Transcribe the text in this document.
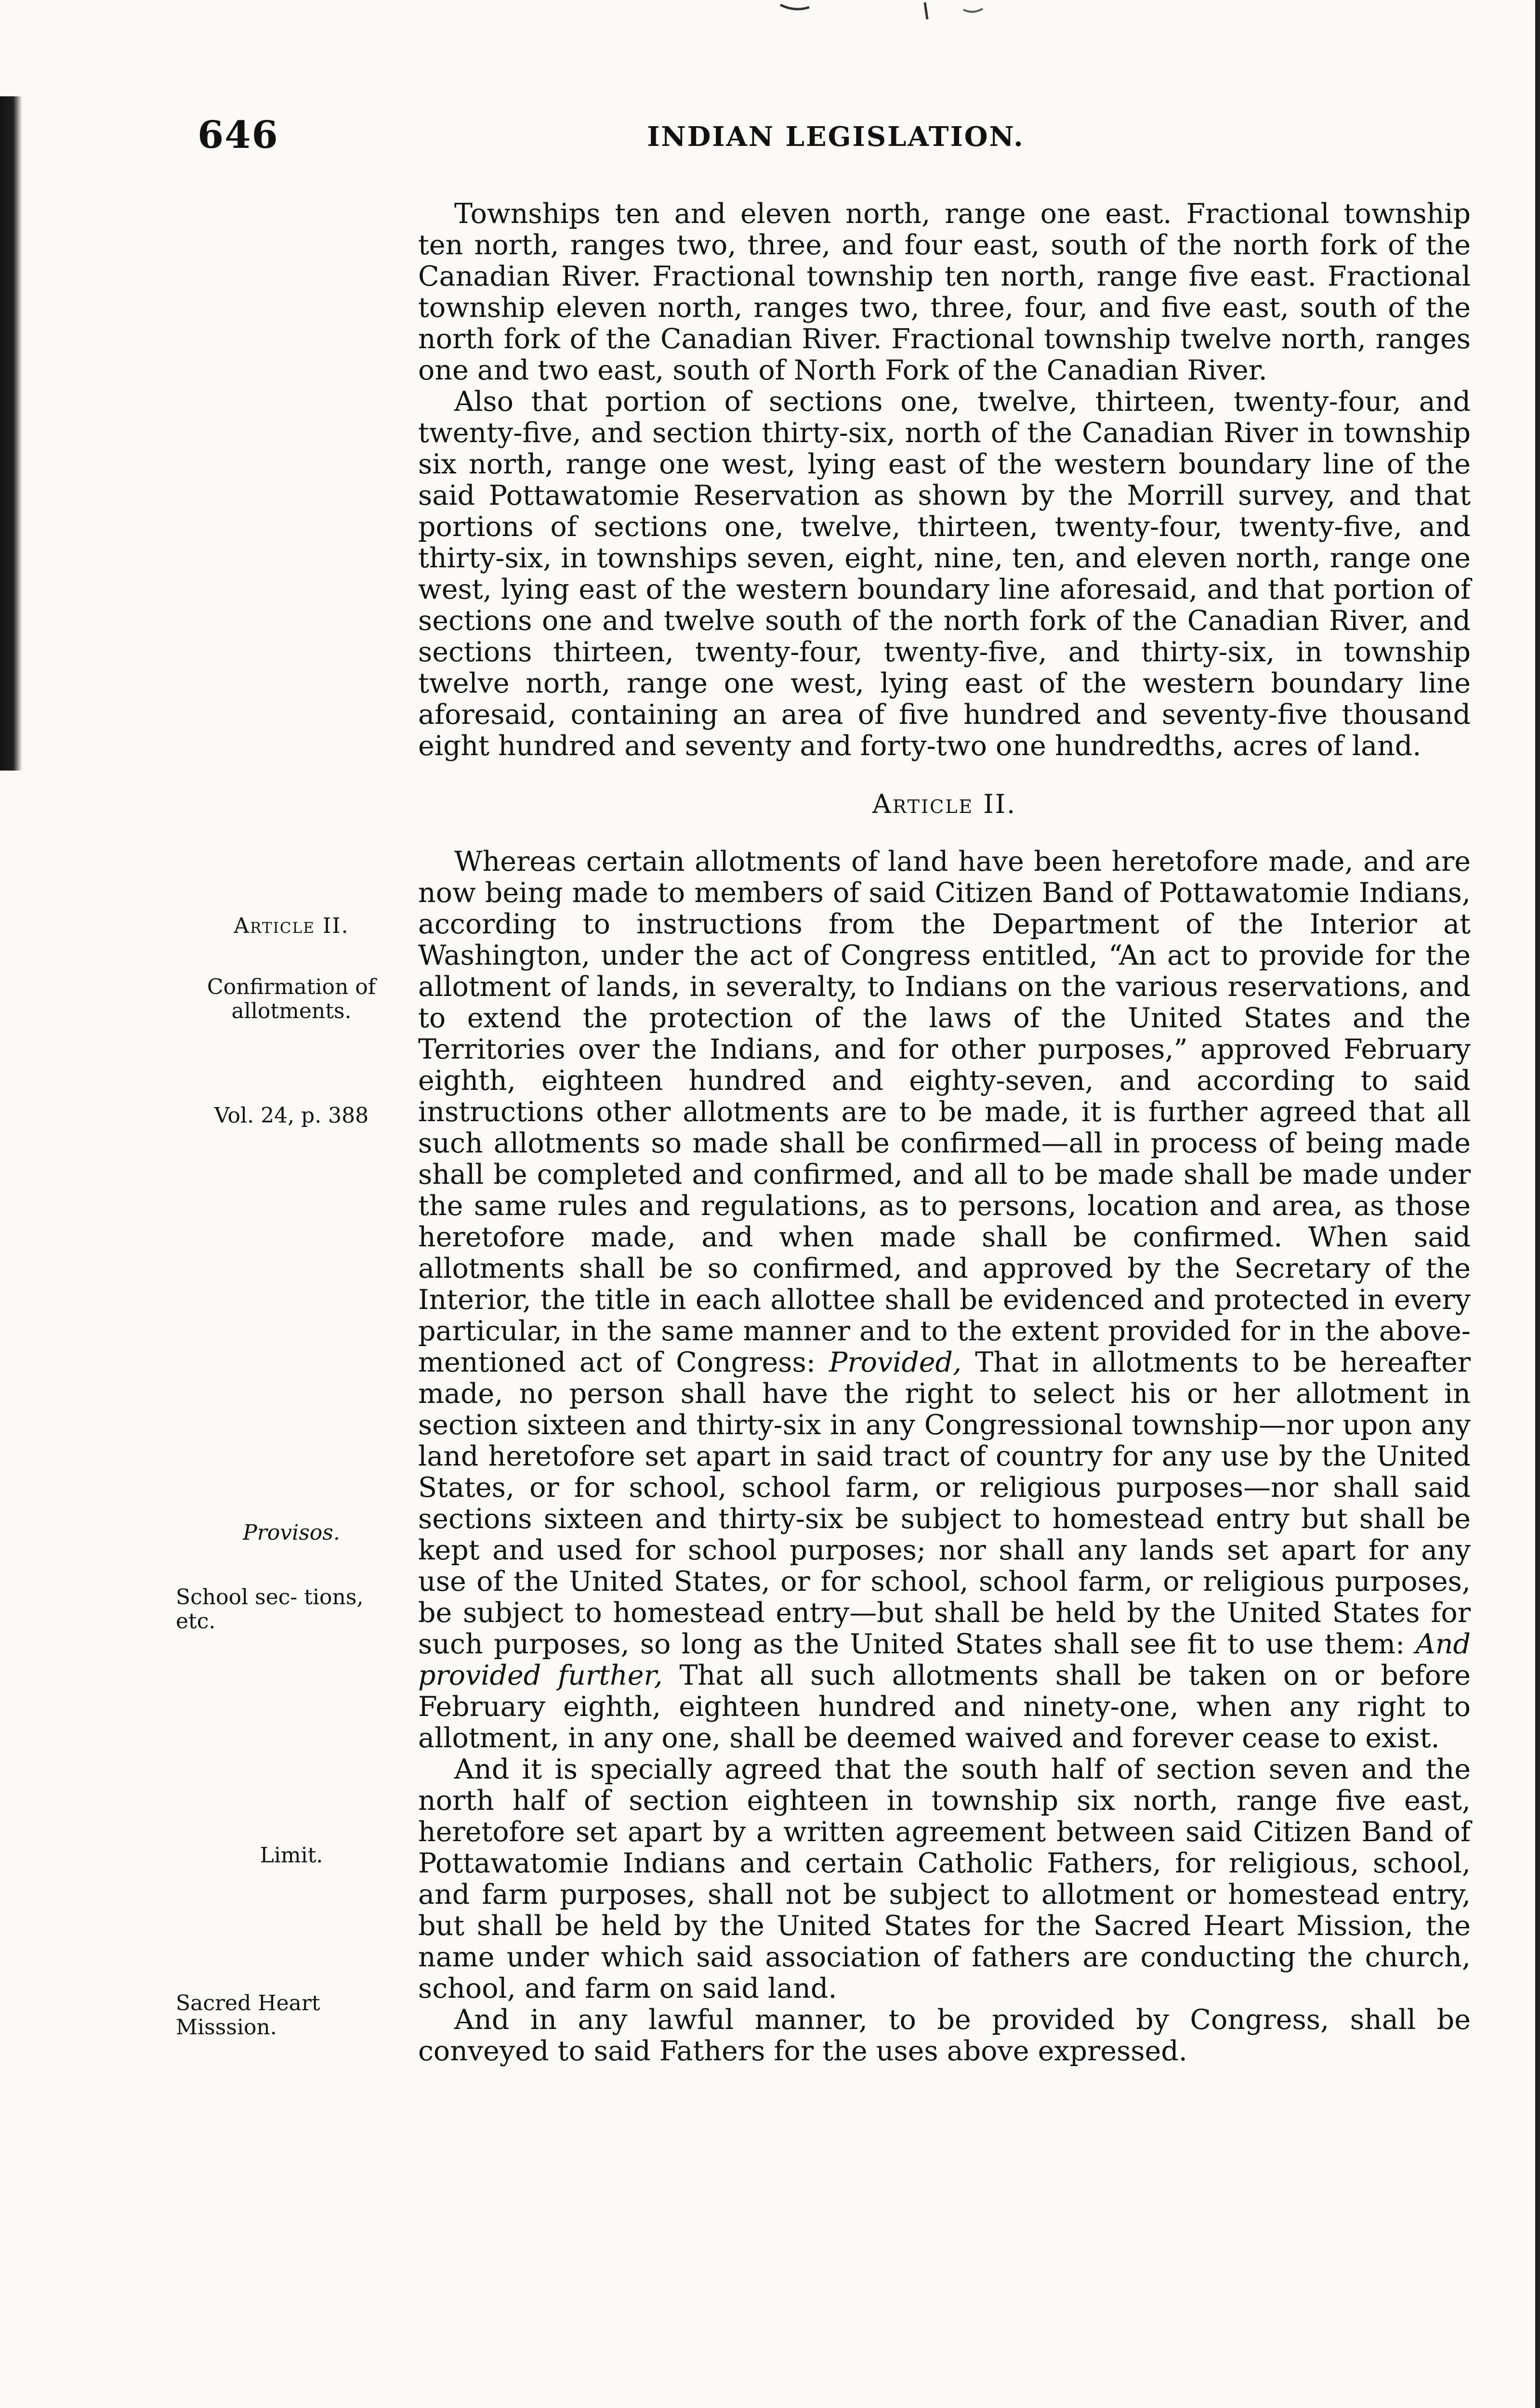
646	INDIAN LEGISLATION.
Article II.
Confirmation of allotments.
Vol. 24, p. 388
Provisos.
School sec- tions, etc.
Limit.
Sacred Heart Misssion.

Townships ten and eleven north, range one east. Fractional township ten north, ranges two, three, and four east, south of the north fork of the Canadian River. Fractional township ten north, range five east. Fractional township eleven north, ranges two, three, four, and five east, south of the north fork of the Canadian River. Fractional township twelve north, ranges one and two east, south of North Fork of the Canadian River.

Also that portion of sections one, twelve, thirteen, twenty-four, and twenty-five, and section thirty-six, north of the Canadian River in township six north, range one west, lying east of the western boundary line of the said Pottawatomie Reservation as shown by the Morrill survey, and that portions of sections one, twelve, thirteen, twenty-four, twenty-five, and thirty-six, in townships seven, eight, nine, ten, and eleven north, range one west, lying east of the western boundary line aforesaid, and that portion of sections one and twelve south of the north fork of the Canadian River, and sections thirteen, twenty-four, twenty-five, and thirty-six, in township twelve north, range one west, lying east of the western boundary line aforesaid, containing an area of five hundred and seventy-five thousand eight hundred and seventy and forty-two one hundredths, acres of land.

Article II.

Whereas certain allotments of land have been heretofore made, and are now being made to members of said Citizen Band of Pottawatomie Indians, according to instructions from the Department of the Interior at Washington, under the act of Congress entitled, “An act to provide for the allotment of lands, in severalty, to Indians on the various reservations, and to extend the protection of the laws of the United States and the Territories over the Indians, and for other purposes,” approved February eighth, eighteen hundred and eighty-seven, and according to said instructions other allotments are to be made, it is further agreed that all such allotments so made shall be confirmed—all in process of being made shall be completed and confirmed, and all to be made shall be made under the same rules and regulations, as to persons, location and area, as those heretofore made, and when made shall be confirmed. When said allotments shall be so confirmed, and approved by the Secretary of the Interior, the title in each allottee shall be evidenced and protected in every particular, in the same manner and to the extent provided for in the above-mentioned act of Congress: Provided, That in allotments to be hereafter made, no person shall have the right to select his or her allotment in section sixteen and thirty-six in any Congressional township—nor upon any land heretofore set apart in said tract of country for any use by the United States, or for school, school farm, or religious purposes—nor shall said sections sixteen and thirty-six be subject to homestead entry but shall be kept and used for school purposes; nor shall any lands set apart for any use of the United States, or for school, school farm, or religious purposes, be subject to homestead entry—but shall be held by the United States for such purposes, so long as the United States shall see fit to use them: And provided further, That all such allotments shall be taken on or before February eighth, eighteen hundred and ninety-one, when any right to allotment, in any one, shall be deemed waived and forever cease to exist.

And it is specially agreed that the south half of section seven and the north half of section eighteen in township six north, range five east, heretofore set apart by a written agreement between said Citizen Band of Pottawatomie Indians and certain Catholic Fathers, for religious, school, and farm purposes, shall not be subject to allotment or homestead entry, but shall be held by the United States for the Sacred Heart Mission, the name under which said association of fathers are conducting the church, school, and farm on said land.

And in any lawful manner, to be provided by Congress, shall be conveyed to said Fathers for the uses above expressed.
